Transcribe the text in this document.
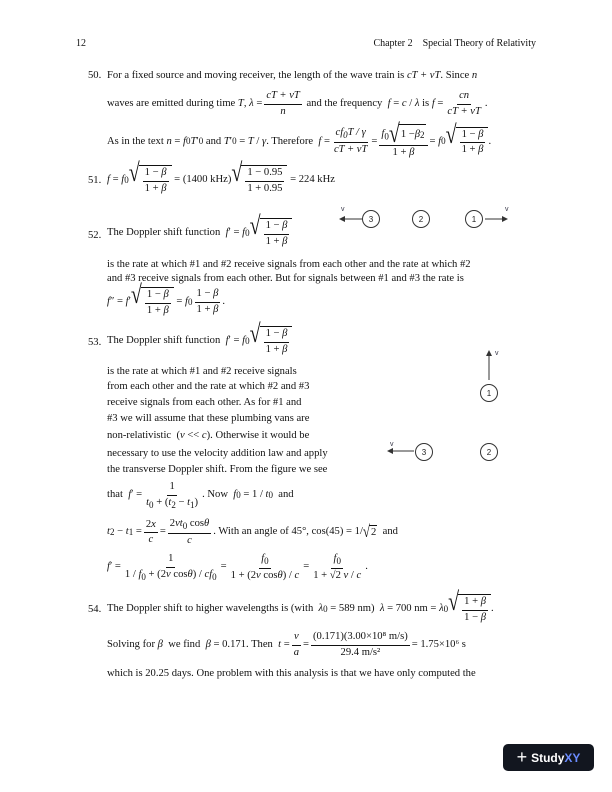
12	Chapter 2 Special Theory of Relativity
50. For a fixed source and moving receiver, the length of the wave train is cT + vT. Since n
waves are emitted during time
T , λ =
cT + vT
n

and the frequency
f = c / λ
is
f =
cn
cT + vT
.
As in the text
n = f 0 T ′ 0
and
T ′ 0 = T / γ . Therefore
f =
$cf_0T$ / γ
cT + vT
=
$f_0$ √ 1 − β 2
1 + β
= f 0 √ 1 − β
1 + β
.
51. f = f 0 √ 1 − β
1 + β
= (1400 kHz) √ 1 − 0.95
1 + 0.95

= 224 kHz
52. The Doppler shift function
f ′ = f 0 √ 1 − β
1 + β
is the rate at which #1 and #2 receive signals from each other and the rate at which #2
and #3 receive signals from each other. But for signals between #1 and #3 the rate is
f ″ = f ′ √ 1 − β
1 + β
= f 0
1 − β
1 + β
.
53. The Doppler shift function
f ′ = f 0 √ 1 − β
1 + β
is the rate at which #1 and #2 receive signals
from each other and the rate at which #2 and #3
receive signals from each other. As for #1 and
#3 we will assume that these plumbing vans are
non-relativistic  (v << c). Otherwise it would be
necessary to use the velocity addition law and apply
the transverse Doppler shift. From the figure we see
that
f ′ =
1
$t_0 + (t_2 - t_1)$
. Now
f 0 = 1 / t 0
and
t 2 − t 1 =
2x
c
=
$2vt_0$ cosθ
c
. With an angle of 45°, cos(45) = 1/ √ 2
and
f ′ =
1
$1 / f_0 + (2v$ $\cos\theta) / cf_0$
=
$f_0$
1 + (2v cosθ) / c
=
$f_0$
1 + √2 v / c
.
54. The Doppler shift to higher wavelengths is (with
λ 0
= 589 nm)
λ
= 700 nm =
λ 0 √ 1 + β
1 − β
.
Solving for
β
we find
β
= 0.171. Then
t =
v
a
= $\frac{\text{(0.171)(3.00×10⁸ m/s)}}{\text{29.4 m/s²}} = 1.75\times 10^6$ s
which is 20.25 days. One problem with this analysis is that we have only computed the
v	v
3	2	1
v
v
1
3	2
+ StudyXY
